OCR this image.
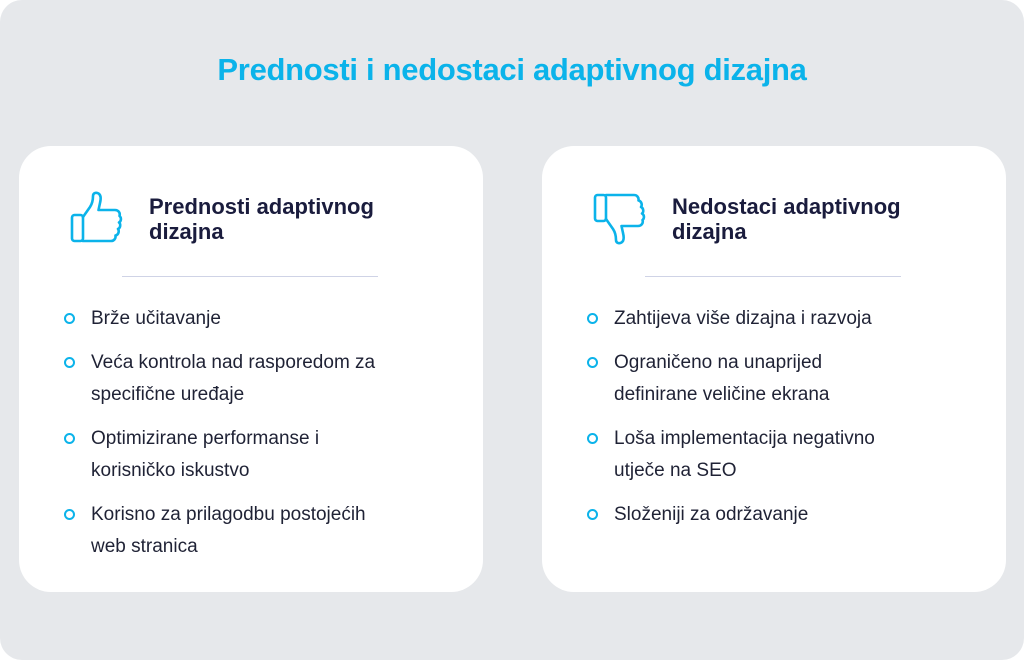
Prednosti i nedostaci adaptivnog dizajna
Prednosti adaptivnog
dizajna
Brže učitavanje
Veća kontrola nad rasporedom za
specifične uređaje
Optimizirane performanse i
korisničko iskustvo
Korisno za prilagodbu postojećih
web stranica
Nedostaci adaptivnog
dizajna
Zahtijeva više dizajna i razvoja
Ograničeno na unaprijed
definirane veličine ekrana
Loša implementacija negativno
utječe na SEO
Složeniji za održavanje
